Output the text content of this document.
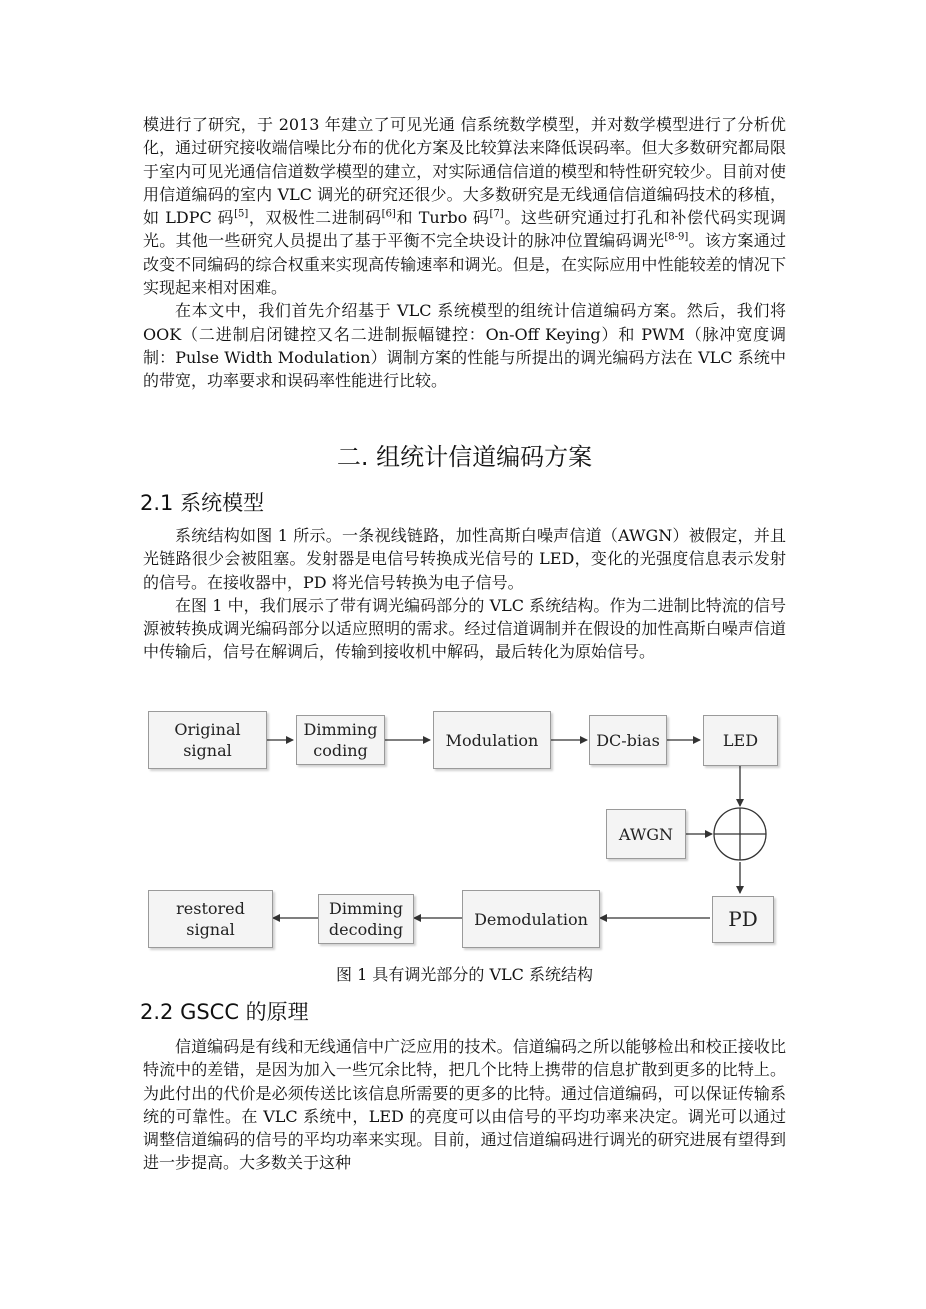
模进行了研究，于 2013 年建立了可见光通 信系统数学模型，并对数学模型进行了分析优化，通过研究接收端信噪比分布的优化方案及比较算法来降低误码率。但大多数研究都局限于室内可见光通信信道数学模型的建立，对实际通信信道的模型和特性研究较少。目前对使用信道编码的室内 VLC 调光的研究还很少。大多数研究是无线通信信道编码技术的移植，如 LDPC 码[5]，双极性二进制码[6]和 Turbo 码[7]。这些研究通过打孔和补偿代码实现调光。其他一些研究人员提出了基于平衡不完全块设计的脉冲位置编码调光[8-9]。该方案通过改变不同编码的综合权重来实现高传输速率和调光。但是，在实际应用中性能较差的情况下实现起来相对困难。

在本文中，我们首先介绍基于 VLC 系统模型的组统计信道编码方案。然后，我们将 OOK（二进制启闭键控又名二进制振幅键控：On-Off Keying）和 PWM（脉冲宽度调制：Pulse Width Modulation）调制方案的性能与所提出的调光编码方法在 VLC 系统中的带宽，功率要求和误码率性能进行比较。

二. 组统计信道编码方案
2.1 系统模型

系统结构如图 1 所示。一条视线链路，加性高斯白噪声信道（AWGN）被假定，并且光链路很少会被阻塞。发射器是电信号转换成光信号的 LED，变化的光强度信息表示发射的信号。在接收器中，PD 将光信号转换为电子信号。

在图 1 中，我们展示了带有调光编码部分的 VLC 系统结构。作为二进制比特流的信号源被转换成调光编码部分以适应照明的需求。经过信道调制并在假设的加性高斯白噪声信道中传输后，信号在解调后，传输到接收机中解码，最后转化为原始信号。

Original
signal
Dimming
coding
Modulation	DC-bias	LED
AWGN
PD
Demodulation
Dimming
decoding
restored
signal

图 1 具有调光部分的 VLC 系统结构

2.2 GSCC 的原理

信道编码是有线和无线通信中广泛应用的技术。信道编码之所以能够检出和校正接收比特流中的差错，是因为加入一些冗余比特，把几个比特上携带的信息扩散到更多的比特上。为此付出的代价是必须传送比该信息所需要的更多的比特。通过信道编码，可以保证传输系统的可靠性。在 VLC 系统中，LED 的亮度可以由信号的平均功率来决定。调光可以通过调整信道编码的信号的平均功率来实现。目前，通过信道编码进行调光的研究进展有望得到进一步提高。大多数关于这种
